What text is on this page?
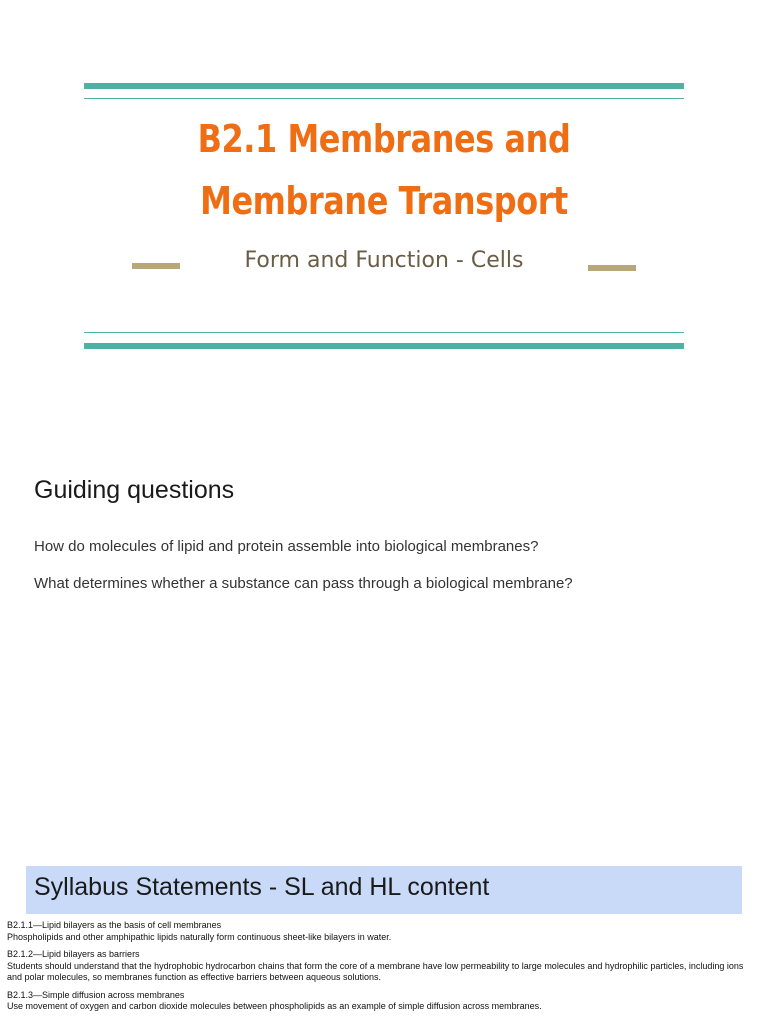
B2.1 Membranes and
Membrane Transport

Form and Function - Cells

Guiding questions

How do molecules of lipid and protein assemble into biological membranes?

What determines whether a substance can pass through a biological membrane?

Syllabus Statements - SL and HL content

B2.1.1—Lipid bilayers as the basis of cell membranes

Phospholipids and other amphipathic lipids naturally form continuous sheet-like bilayers in water.

B2.1.2—Lipid bilayers as barriers

Students should understand that the hydrophobic hydrocarbon chains that form the core of a membrane have low permeability to large molecules and hydrophilic particles, including ions and polar molecules, so membranes function as effective barriers between aqueous solutions.

B2.1.3—Simple diffusion across membranes

Use movement of oxygen and carbon dioxide molecules between phospholipids as an example of simple diffusion across membranes.
